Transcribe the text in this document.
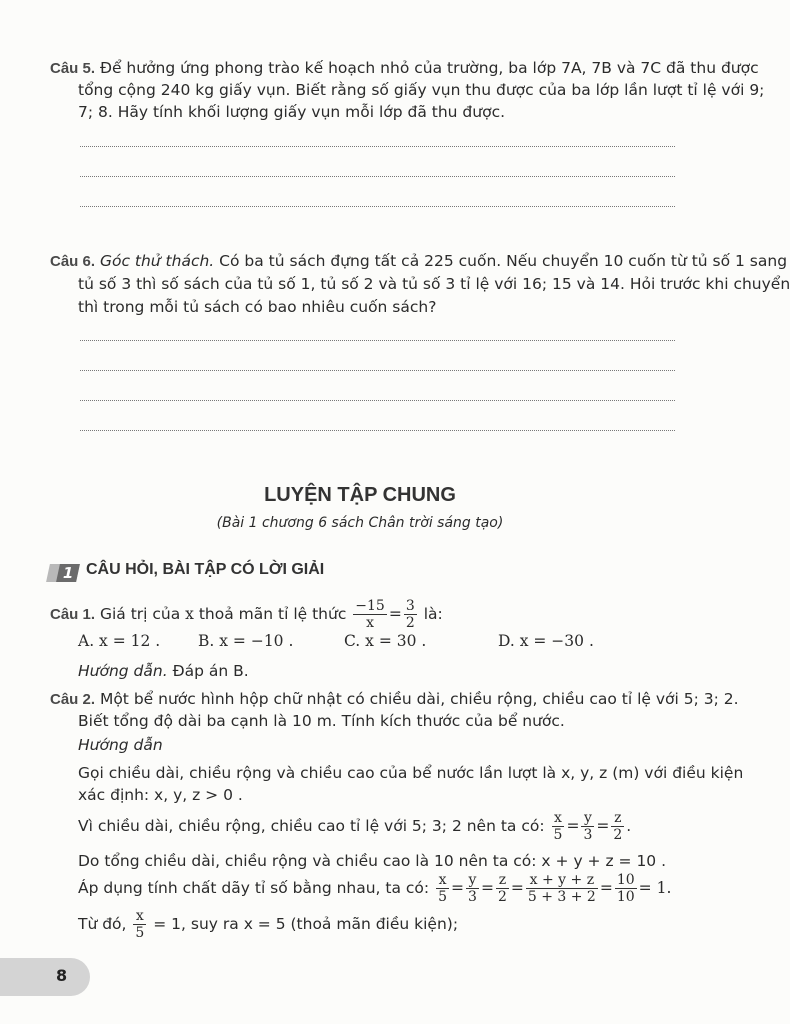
Câu 5. Để hưởng ứng phong trào kế hoạch nhỏ của trường, ba lớp 7A, 7B và 7C đã thu được
tổng cộng 240 kg giấy vụn. Biết rằng số giấy vụn thu được của ba lớp lần lượt tỉ lệ với 9;
7; 8. Hãy tính khối lượng giấy vụn mỗi lớp đã thu được.
Câu 6. Góc thử thách. Có ba tủ sách đựng tất cả 225 cuốn. Nếu chuyển 10 cuốn từ tủ số 1 sang
tủ số 3 thì số sách của tủ số 1, tủ số 2 và tủ số 3 tỉ lệ với 16; 15 và 14. Hỏi trước khi chuyển
thì trong mỗi tủ sách có bao nhiêu cuốn sách?
LUYỆN TẬP CHUNG
(Bài 1 chương 6 sách Chân trời sáng tạo)
1 CÂU HỎI, BÀI TẬP CÓ LỜI GIẢI
Câu 1. Giá trị của x thoả mãn tỉ lệ thức $\frac{-15}{x} = \frac{3}{2}$ là:
A. x = 12 . B. x = −10 .	C. x = 30 .	D. x = −30 .
Hướng dẫn. Đáp án B.
Câu 2. Một bể nước hình hộp chữ nhật có chiều dài, chiều rộng, chiều cao tỉ lệ với 5; 3; 2.
Biết tổng độ dài ba cạnh là 10 m. Tính kích thước của bể nước.
Hướng dẫn
Gọi chiều dài, chiều rộng và chiều cao của bể nước lần lượt là x, y, z (m) với điều kiện
xác định: x, y, z > 0 .
Vì chiều dài, chiều rộng, chiều cao tỉ lệ với 5; 3; 2 nên ta có: $\frac{x}{5} = \frac{y}{3} = \frac{z}{2}$ .
Do tổng chiều dài, chiều rộng và chiều cao là 10 nên ta có: x + y + z = 10 .
Áp dụng tính chất dãy tỉ số bằng nhau, ta có: $\frac{x}{5} = \frac{y}{3} = \frac{z}{2} = \frac{x + y + z}{5 + 3 + 2} = \frac{10}{10} = 1$.
Từ đó, $\frac{x}{5} = 1$, suy ra x = 5 (thoả mãn điều kiện);
8
